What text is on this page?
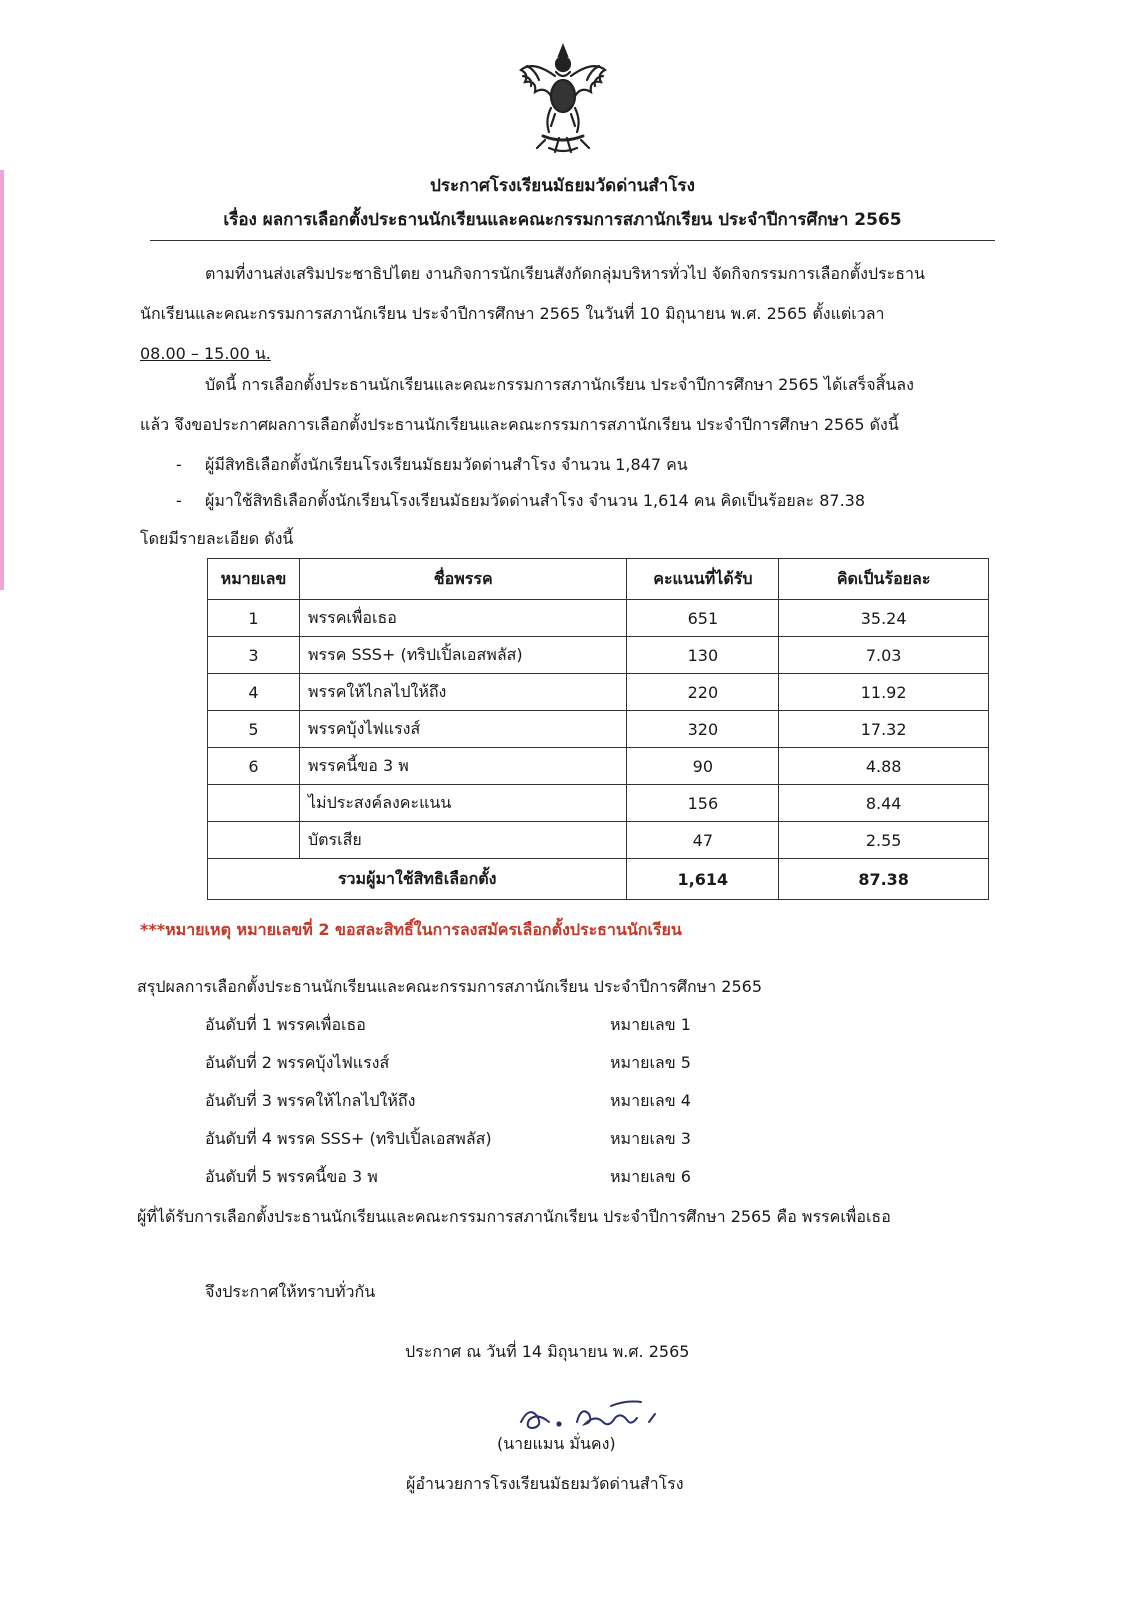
ประกาศโรงเรียนมัธยมวัดด่านสำโรง
เรื่อง ผลการเลือกตั้งประธานนักเรียนและคณะกรรมการสภานักเรียน ประจำปีการศึกษา 2565
ตามที่งานส่งเสริมประชาธิปไตย งานกิจการนักเรียนสังกัดกลุ่มบริหารทั่วไป จัดกิจกรรมการเลือกตั้งประธาน
นักเรียนและคณะกรรมการสภานักเรียน ประจำปีการศึกษา 2565 ในวันที่ 10 มิถุนายน พ.ศ. 2565 ตั้งแต่เวลา
08.00 – 15.00 น.
บัดนี้ การเลือกตั้งประธานนักเรียนและคณะกรรมการสภานักเรียน ประจำปีการศึกษา 2565 ได้เสร็จสิ้นลง
แล้ว จึงขอประกาศผลการเลือกตั้งประธานนักเรียนและคณะกรรมการสภานักเรียน ประจำปีการศึกษา 2565 ดังนี้
- ผู้มีสิทธิเลือกตั้งนักเรียนโรงเรียนมัธยมวัดด่านสำโรง จำนวน 1,847 คน
- ผู้มาใช้สิทธิเลือกตั้งนักเรียนโรงเรียนมัธยมวัดด่านสำโรง จำนวน 1,614 คน คิดเป็นร้อยละ 87.38
โดยมีรายละเอียด ดังนี้
หมายเลข	ชื่อพรรค	คะแนนที่ได้รับ	คิดเป็นร้อยละ
1	พรรคเพื่อเธอ	651	35.24
3	พรรค SSS+ (ทริปเปิ้ลเอสพลัส)	130	7.03
4	พรรคให้ไกลไปให้ถึง	220	11.92
5	พรรคบุ้งไฟแรงส์	320	17.32
6	พรรคนี้ขอ 3 พ	90	4.88
	ไม่ประสงค์ลงคะแนน	156	8.44
	บัตรเสีย	47	2.55
รวมผู้มาใช้สิทธิเลือกตั้ง		1,614	87.38
***หมายเหตุ หมายเลขที่ 2 ขอสละสิทธิ์ในการลงสมัครเลือกตั้งประธานนักเรียน
สรุปผลการเลือกตั้งประธานนักเรียนและคณะกรรมการสภานักเรียน ประจำปีการศึกษา 2565
อันดับที่ 1 พรรคเพื่อเธอ	หมายเลข 1
อันดับที่ 2 พรรคบุ้งไฟแรงส์	หมายเลข 5
อันดับที่ 3 พรรคให้ไกลไปให้ถึง	หมายเลข 4
อันดับที่ 4 พรรค SSS+ (ทริปเปิ้ลเอสพลัส)	หมายเลข 3
อันดับที่ 5 พรรคนี้ขอ 3 พ	หมายเลข 6
ผู้ที่ได้รับการเลือกตั้งประธานนักเรียนและคณะกรรมการสภานักเรียน ประจำปีการศึกษา 2565 คือ พรรคเพื่อเธอ
จึงประกาศให้ทราบทั่วกัน
ประกาศ ณ วันที่ 14 มิถุนายน พ.ศ. 2565
(นายแมน มั่นคง)
ผู้อำนวยการโรงเรียนมัธยมวัดด่านสำโรง
